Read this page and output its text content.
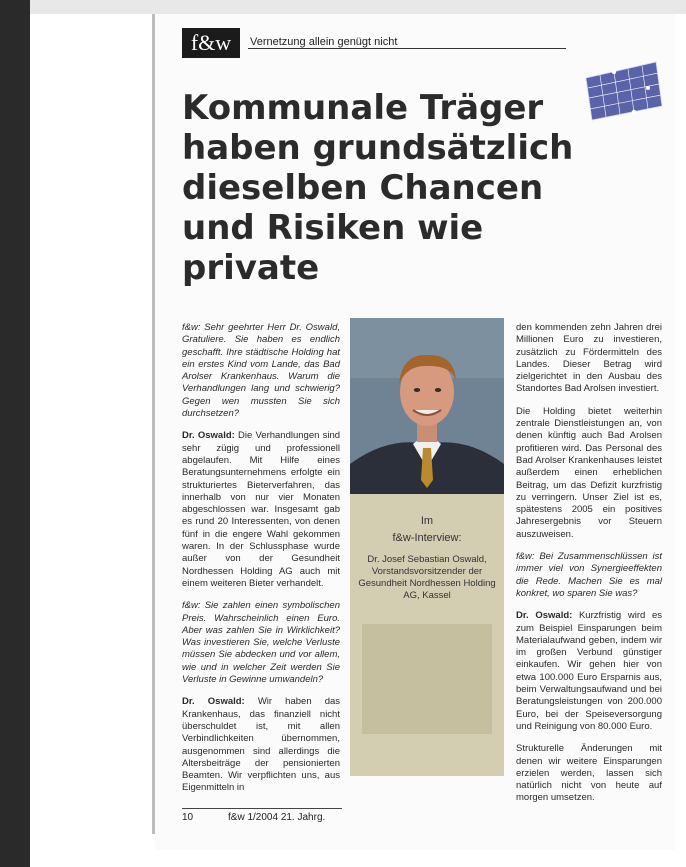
f&w	Vernetzung allein genügt nicht
Kommunale Träger haben grundsätzlich dieselben Chancen und Risiken wie private

f&w: Sehr geehrter Herr Dr. Oswald, Gratuliere. Sie haben es endlich geschafft. Ihre städtische Holding hat ein erstes Kind vom Lande, das Bad Arolser Krankenhaus. Warum die Verhandlungen lang und schwierig? Gegen wen mussten Sie sich durchsetzen?

Dr. Oswald: Die Verhandlungen sind sehr zügig und professionell abgelaufen. Mit Hilfe eines Beratungsunternehmens erfolgte ein strukturiertes Bieterverfahren, das innerhalb von nur vier Monaten abgeschlossen war. Insgesamt gab es rund 20 Interessenten, von denen fünf in die engere Wahl gekommen waren. In der Schlussphase wurde außer von der Gesundheit Nordhessen Holding AG auch mit einem weiteren Bieter verhandelt.

f&w: Sie zahlen einen symbolischen Preis. Wahrscheinlich einen Euro. Aber was zahlen Sie in Wirklichkeit? Was investieren Sie, welche Verluste müssen Sie abdecken und vor allem, wie und in welcher Zeit werden Sie Verluste in Gewinne umwandeln?

Dr. Oswald: Wir haben das Krankenhaus, das finanziell nicht überschuldet ist, mit allen Verbindlichkeiten übernommen, ausgenommen sind allerdings die Altersbeiträge der pensionierten Beamten. Wir verpflichten uns, aus Eigenmitteln in

Im
f&w-Interview:
Dr. Josef Sebastian Oswald, Vorstandsvorsitzender der Gesundheit Nordhessen Holding AG, Kassel

den kommenden zehn Jahren drei Millionen Euro zu investieren, zusätzlich zu Fördermitteln des Landes. Dieser Betrag wird zielgerichtet in den Ausbau des Standortes Bad Arolsen investiert.

Die Holding bietet weiterhin zentrale Dienstleistungen an, von denen künftig auch Bad Arolsen profitieren wird. Das Personal des Bad Arolser Krankenhauses leistet außerdem einen erheblichen Beitrag, um das Defizit kurzfristig zu verringern. Unser Ziel ist es, spätestens 2005 ein positives Jahresergebnis vor Steuern auszuweisen.

f&w: Bei Zusammenschlüssen ist immer viel von Synergieeffekten die Rede. Machen Sie es mal konkret, wo sparen Sie was?

Dr. Oswald: Kurzfristig wird es zum Beispiel Einsparungen beim Materialaufwand geben, indem wir im großen Verbund günstiger einkaufen. Wir gehen hier von etwa 100.000 Euro Ersparnis aus, beim Verwaltungsaufwand und bei Beratungsleistungen von 200.000 Euro, bei der Speiseversorgung und Reinigung von 80.000 Euro.

Strukturelle Änderungen mit denen wir weitere Einsparungen erzielen werden, lassen sich natürlich nicht von heute auf morgen umsetzen.

10	f&w 1/2004 21. Jahrg.
